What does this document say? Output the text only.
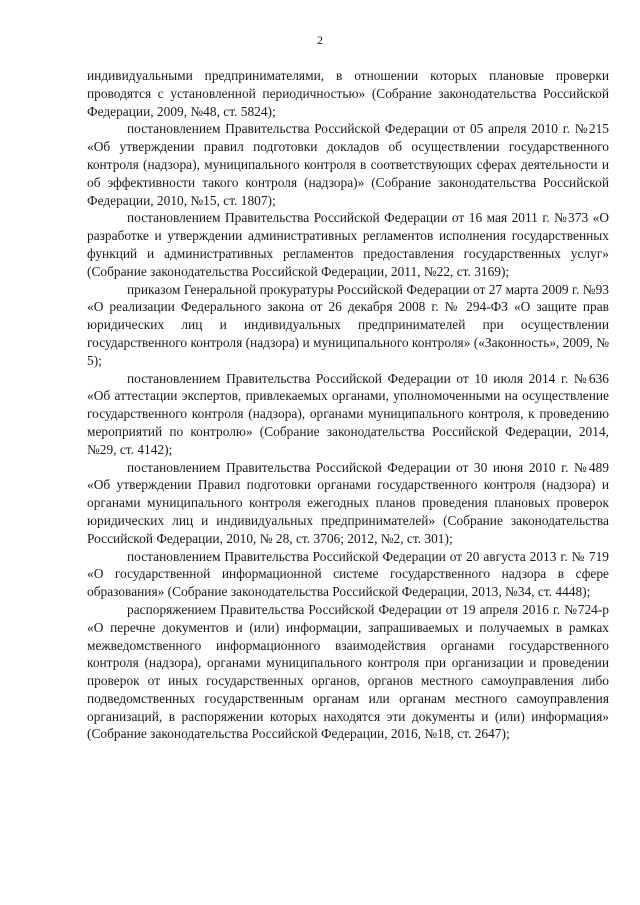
2

индивидуальными предпринимателями, в отношении которых плановые проверки проводятся с установленной периодичностью» (Собрание законодательства Российской Федерации, 2009, №48, ст. 5824);

постановлением Правительства Российской Федерации от 05 апреля 2010 г. №215 «Об утверждении правил подготовки докладов об осуществлении государственного контроля (надзора), муниципального контроля в соответствующих сферах деятельности и об эффективности такого контроля (надзора)» (Собрание законодательства Российской Федерации, 2010, №15, ст. 1807);

постановлением Правительства Российской Федерации от 16 мая 2011 г. №373 «О разработке и утверждении административных регламентов исполнения государственных функций и административных регламентов предоставления государственных услуг» (Собрание законодательства Российской Федерации, 2011, №22, ст. 3169);

приказом Генеральной прокуратуры Российской Федерации от 27 марта 2009 г. №93 «О реализации Федерального закона от 26 декабря 2008 г. № 294-ФЗ «О защите прав юридических лиц и индивидуальных предпринимателей при осуществлении государственного контроля (надзора) и муниципального контроля» («Законность», 2009, № 5);

постановлением Правительства Российской Федерации от 10 июля 2014 г. №636 «Об аттестации экспертов, привлекаемых органами, уполномоченными на осуществление государственного контроля (надзора), органами муниципального контроля, к проведению мероприятий по контролю» (Собрание законодательства Российской Федерации, 2014, №29, ст. 4142);

постановлением Правительства Российской Федерации от 30 июня 2010 г. №489 «Об утверждении Правил подготовки органами государственного контроля (надзора) и органами муниципального контроля ежегодных планов проведения плановых проверок юридических лиц и индивидуальных предпринимателей» (Собрание законодательства Российской Федерации, 2010, № 28, ст. 3706; 2012, №2, ст. 301);

постановлением Правительства Российской Федерации от 20 августа 2013 г. № 719 «О государственной информационной системе государственного надзора в сфере образования» (Собрание законодательства Российской Федерации, 2013, №34, ст. 4448);

распоряжением Правительства Российской Федерации от 19 апреля 2016 г. №724-р «О перечне документов и (или) информации, запрашиваемых и получаемых в рамках межведомственного информационного взаимодействия органами государственного контроля (надзора), органами муниципального контроля при организации и проведении проверок от иных государственных органов, органов местного самоуправления либо подведомственных государственным органам или органам местного самоуправления организаций, в распоряжении которых находятся эти документы и (или) информация» (Собрание законодательства Российской Федерации, 2016, №18, ст. 2647);
